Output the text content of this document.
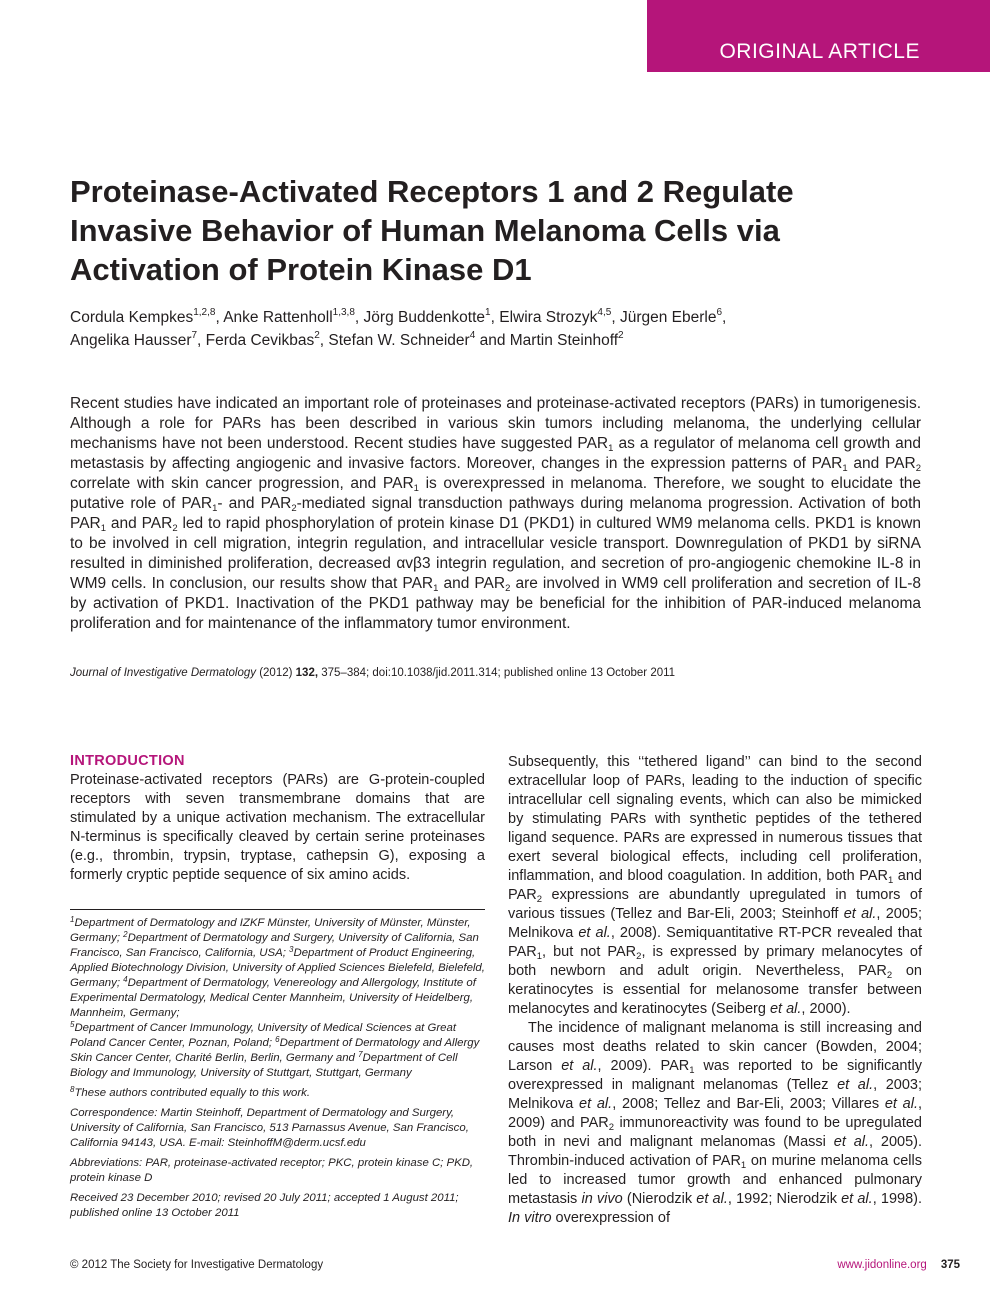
ORIGINAL ARTICLE
Proteinase-Activated Receptors 1 and 2 Regulate Invasive Behavior of Human Melanoma Cells via Activation of Protein Kinase D1
Cordula Kempkes$^{1,2,8}$, Anke Rattenholl$^{1,3,8}$, Jörg Buddenkotte$^1$, Elwira Strozyk$^{4,5}$, Jürgen Eberle$^6$,
Angelika Hausser$^7$, Ferda Cevikbas$^2$, Stefan W. Schneider$^4$ and Martin Steinhoff$^2$

Recent studies have indicated an important role of proteinases and proteinase-activated receptors (PARs) in tumorigenesis. Although a role for PARs has been described in various skin tumors including melanoma, the underlying cellular mechanisms have not been understood. Recent studies have suggested $PAR_1$ as a regulator of melanoma cell growth and metastasis by affecting angiogenic and invasive factors. Moreover, changes in the expression patterns of $PAR_1$ and $PAR_2$ correlate with skin cancer progression, and $PAR_1$ is overexpressed in melanoma. Therefore, we sought to elucidate the putative role of $PAR_1-$ and $PAR_2$-mediated signal transduction pathways during melanoma progression. Activation of both $PAR_1$ and $PAR_2$ led to rapid phosphorylation of protein kinase D1 (PKD1) in cultured WM9 melanoma cells. PKD1 is known to be involved in cell migration, integrin regulation, and intracellular vesicle transport. Downregulation of PKD1 by siRNA resulted in diminished proliferation, decreased αvβ3 integrin regulation, and secretion of pro-angiogenic chemokine IL-8 in WM9 cells. In conclusion, our results show that $PAR_1$ and $PAR_2$ are involved in WM9 cell proliferation and secretion of IL-8 by activation of PKD1. Inactivation of the PKD1 pathway may be beneficial for the inhibition of PAR-induced melanoma proliferation and for maintenance of the inflammatory tumor environment.

Journal of Investigative Dermatology (2012) 132, 375–384; doi:10.1038/jid.2011.314; published online 13 October 2011
INTRODUCTION

Proteinase-activated receptors (PARs) are G-protein-coupled receptors with seven transmembrane domains that are stimulated by a unique activation mechanism. The extracellular N-terminus is specifically cleaved by certain serine proteinases (e.g., thrombin, trypsin, tryptase, cathepsin G), exposing a formerly cryptic peptide sequence of six amino acids.

$^1$Department of Dermatology and IZKF Münster, University of Münster, Münster, Germany; $^2$Department of Dermatology and Surgery, University of California, San Francisco, San Francisco, California, USA; $^3$Department of Product Engineering, Applied Biotechnology Division, University of Applied Sciences Bielefeld, Bielefeld, Germany; $^4$Department of Dermatology, Venereology and Allergology, Institute of Experimental Dermatology, Medical Center Mannheim, University of Heidelberg, Mannheim, Germany;
$^5$Department of Cancer Immunology, University of Medical Sciences at Great Poland Cancer Center, Poznan, Poland; $^6$Department of Dermatology and Allergy Skin Cancer Center, Charité Berlin, Berlin, Germany and $^7$Department of Cell Biology and Immunology, University of Stuttgart, Stuttgart, Germany

$^8$These authors contributed equally to this work.

Correspondence: Martin Steinhoff, Department of Dermatology and Surgery, University of California, San Francisco, 513 Parnassus Avenue, San Francisco, California 94143, USA. E-mail: SteinhoffM@derm.ucsf.edu

Abbreviations: PAR, proteinase-activated receptor; PKC, protein kinase C; PKD, protein kinase D

Received 23 December 2010; revised 20 July 2011; accepted 1 August 2011; published online 13 October 2011

Subsequently, this ‘‘tethered ligand’’ can bind to the second extracellular loop of PARs, leading to the induction of specific intracellular cell signaling events, which can also be mimicked by stimulating PARs with synthetic peptides of the tethered ligand sequence. PARs are expressed in numerous tissues that exert several biological effects, including cell proliferation, inflammation, and blood coagulation. In addition, both $PAR_1$ and $PAR_2$ expressions are abundantly upregulated in tumors of various tissues (Tellez and Bar-Eli, 2003; Steinhoff et al., 2005; Melnikova et al., 2008). Semiquantitative RT-PCR revealed that $PAR_1$, but not $PAR_2$, is expressed by primary melanocytes of both newborn and adult origin. Nevertheless, $PAR_2$ on keratinocytes is essential for melanosome transfer between melanocytes and keratinocytes (Seiberg et al., 2000).

The incidence of malignant melanoma is still increasing and causes most deaths related to skin cancer (Bowden, 2004; Larson et al., 2009). $PAR_1$ was reported to be significantly overexpressed in malignant melanomas (Tellez et al., 2003; Melnikova et al., 2008; Tellez and Bar-Eli, 2003; Villares et al., 2009) and $PAR_2$ immunoreactivity was found to be upregulated both in nevi and malignant melanomas (Massi et al., 2005). Thrombin-induced activation of $PAR_1$ on murine melanoma cells led to increased tumor growth and enhanced pulmonary metastasis in vivo (Nierodzik et al., 1992; Nierodzik et al., 1998). In vitro overexpression of

© 2012 The Society for Investigative Dermatology	www.jidonline.org 375
